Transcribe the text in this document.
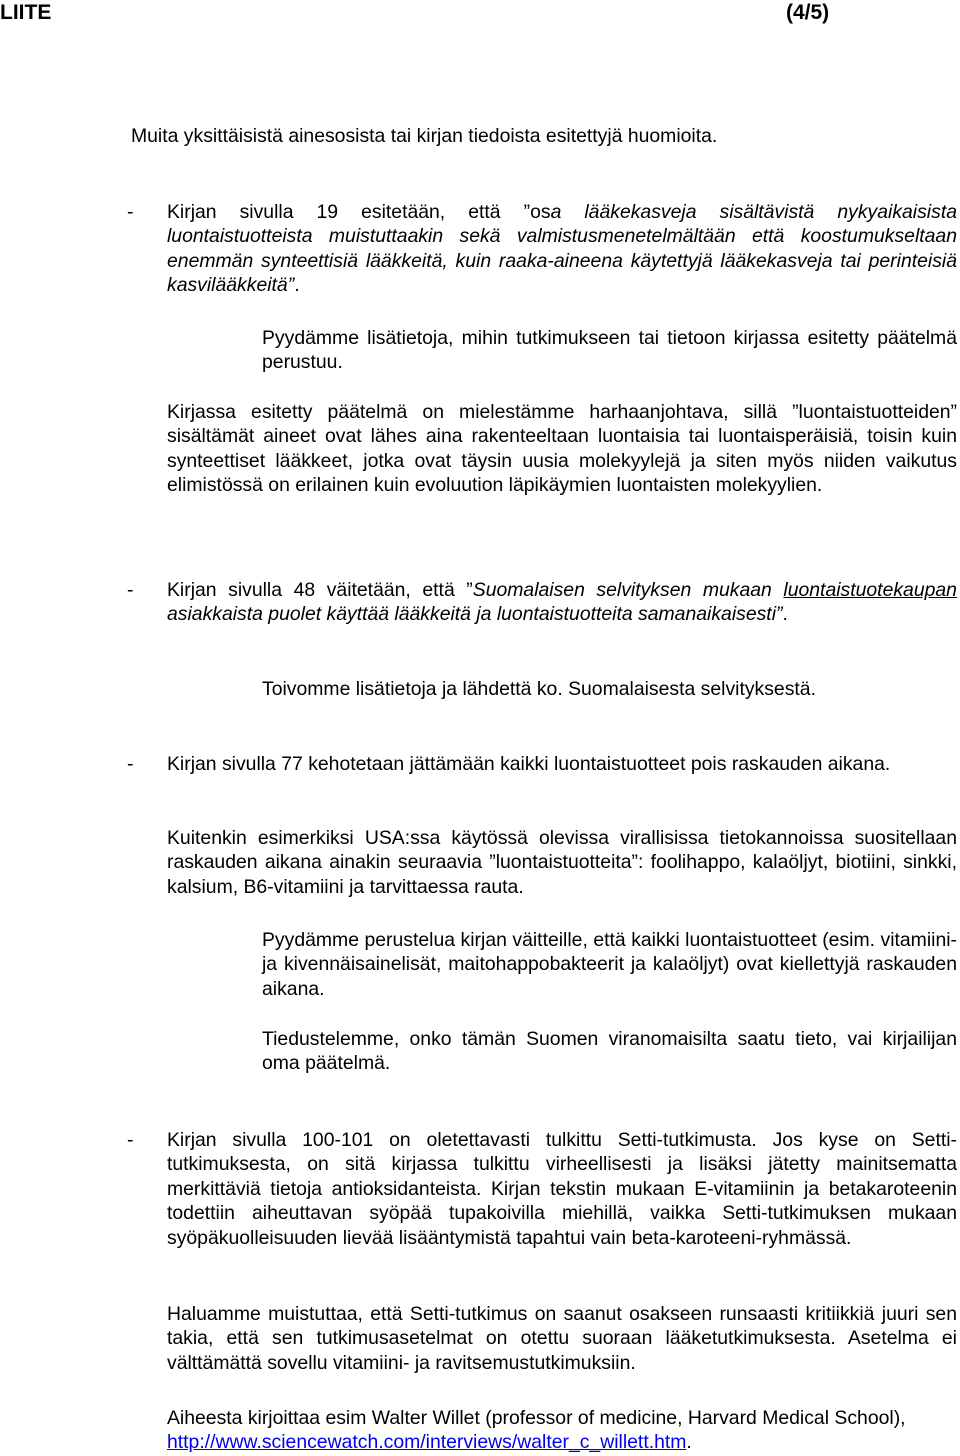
LIITE	(4/5)
Muita yksittäisistä ainesosista tai kirjan tiedoista esitettyjä huomioita.
- Kirjan sivulla 19 esitetään, että ”osa lääkekasveja sisältävistä nykyaikaisista luontaistuotteista muistuttaakin sekä valmistusmenetelmältään että koostumukseltaan enemmän synteettisiä lääkkeitä, kuin raaka-aineena käytettyjä lääkekasveja tai perinteisiä kasvilääkkeitä”.
Pyydämme lisätietoja, mihin tutkimukseen tai tietoon kirjassa esitetty päätelmä perustuu.
Kirjassa esitetty päätelmä on mielestämme harhaanjohtava, sillä ”luontaistuotteiden” sisältämät aineet ovat lähes aina rakenteeltaan luontaisia tai luontaisperäisiä, toisin kuin synteettiset lääkkeet, jotka ovat täysin uusia molekyylejä ja siten myös niiden vaikutus elimistössä on erilainen kuin evoluution läpikäymien luontaisten molekyylien.
- Kirjan sivulla 48 väitetään, että ”Suomalaisen selvityksen mukaan luontaistuotekaupan asiakkaista puolet käyttää lääkkeitä ja luontaistuotteita samanaikaisesti”.
Toivomme lisätietoja ja lähdettä ko. Suomalaisesta selvityksestä.
- Kirjan sivulla 77 kehotetaan jättämään kaikki luontaistuotteet pois raskauden aikana.
Kuitenkin esimerkiksi USA:ssa käytössä olevissa virallisissa tietokannoissa suositellaan raskauden aikana ainakin seuraavia ”luontaistuotteita”: foolihappo, kalaöljyt, biotiini, sinkki, kalsium, B6-vitamiini ja tarvittaessa rauta.
Pyydämme perustelua kirjan väitteille, että kaikki luontaistuotteet (esim. vitamiini- ja kivennäisainelisät, maitohappobakteerit ja kalaöljyt) ovat kiellettyjä raskauden aikana.
Tiedustelemme, onko tämän Suomen viranomaisilta saatu tieto, vai kirjailijan oma päätelmä.
- Kirjan sivulla 100-101 on oletettavasti tulkittu Setti-tutkimusta. Jos kyse on Setti-tutkimuksesta, on sitä kirjassa tulkittu virheellisesti ja lisäksi jätetty mainitsematta merkittäviä tietoja antioksidanteista. Kirjan tekstin mukaan E-vitamiinin ja betakaroteenin todettiin aiheuttavan syöpää tupakoivilla miehillä, vaikka Setti-tutkimuksen mukaan syöpäkuolleisuuden lievää lisääntymistä tapahtui vain beta-karoteeni-ryhmässä.
Haluamme muistuttaa, että Setti-tutkimus on saanut osakseen runsaasti kritiikkiä juuri sen takia, että sen tutkimusasetelmat on otettu suoraan lääketutkimuksesta. Asetelma ei välttämättä sovellu vitamiini- ja ravitsemustutkimuksiin.
Aiheesta kirjoittaa esim Walter Willet (professor of medicine, Harvard Medical School), http://www.sciencewatch.com/interviews/walter_c_willett.htm.
